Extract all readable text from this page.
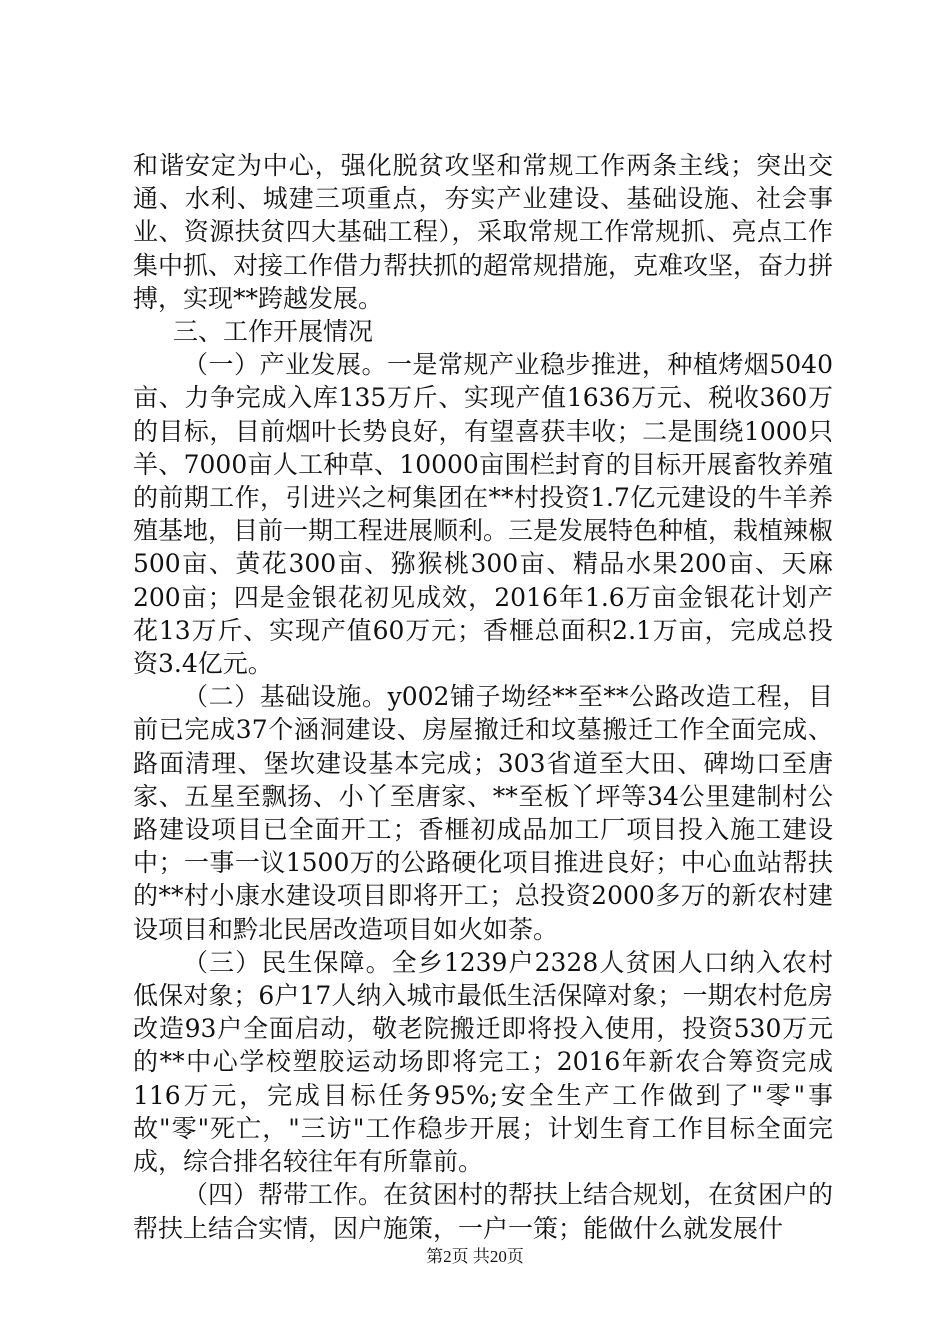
和谐安定为中心，强化脱贫攻坚和常规工作两条主线；突出交通、水利、城建三项重点，夯实产业建设、基础设施、社会事业、资源扶贫四大基础工程），采取常规工作常规抓、亮点工作集中抓、对接工作借力帮扶抓的超常规措施，克难攻坚，奋力拼搏，实现**跨越发展。

三、工作开展情况

（一）产业发展。一是常规产业稳步推进，种植烤烟5040亩、力争完成入库135万斤、实现产值1636万元、税收360万的目标，目前烟叶长势良好，有望喜获丰收；二是围绕1000只羊、7000亩人工种草、10000亩围栏封育的目标开展畜牧养殖的前期工作，引进兴之柯集团在**村投资1.7亿元建设的牛羊养殖基地，目前一期工程进展顺利。三是发展特色种植，栽植辣椒500亩、黄花300亩、猕猴桃300亩、精品水果200亩、天麻200亩；四是金银花初见成效，2016年1.6万亩金银花计划产花13万斤、实现产值60万元；香榧总面积2.1万亩，完成总投资3.4亿元。

（二）基础设施。y002铺子坳经**至**公路改造工程，目前已完成37个涵洞建设、房屋撤迁和坟墓搬迁工作全面完成、路面清理、堡坎建设基本完成；303省道至大田、碑坳口至唐家、五星至飘扬、小丫至唐家、**至板丫坪等34公里建制村公路建设项目已全面开工；香榧初成品加工厂项目投入施工建设中；一事一议1500万的公路硬化项目推进良好；中心血站帮扶的**村小康水建设项目即将开工；总投资2000多万的新农村建设项目和黔北民居改造项目如火如荼。

（三）民生保障。全乡1239户2328人贫困人口纳入农村低保对象；6户17人纳入城市最低生活保障对象；一期农村危房改造93户全面启动，敬老院搬迁即将投入使用，投资530万元的**中心学校塑胶运动场即将完工；2016年新农合筹资完成116万元，完成目标任务95%;安全生产工作做到了"零"事故"零"死亡，"三访"工作稳步开展；计划生育工作目标全面完成，综合排名较往年有所靠前。

（四）帮带工作。在贫困村的帮扶上结合规划，在贫困户的帮扶上结合实情，因户施策，一户一策；能做什么就发展什

第2页 共20页
